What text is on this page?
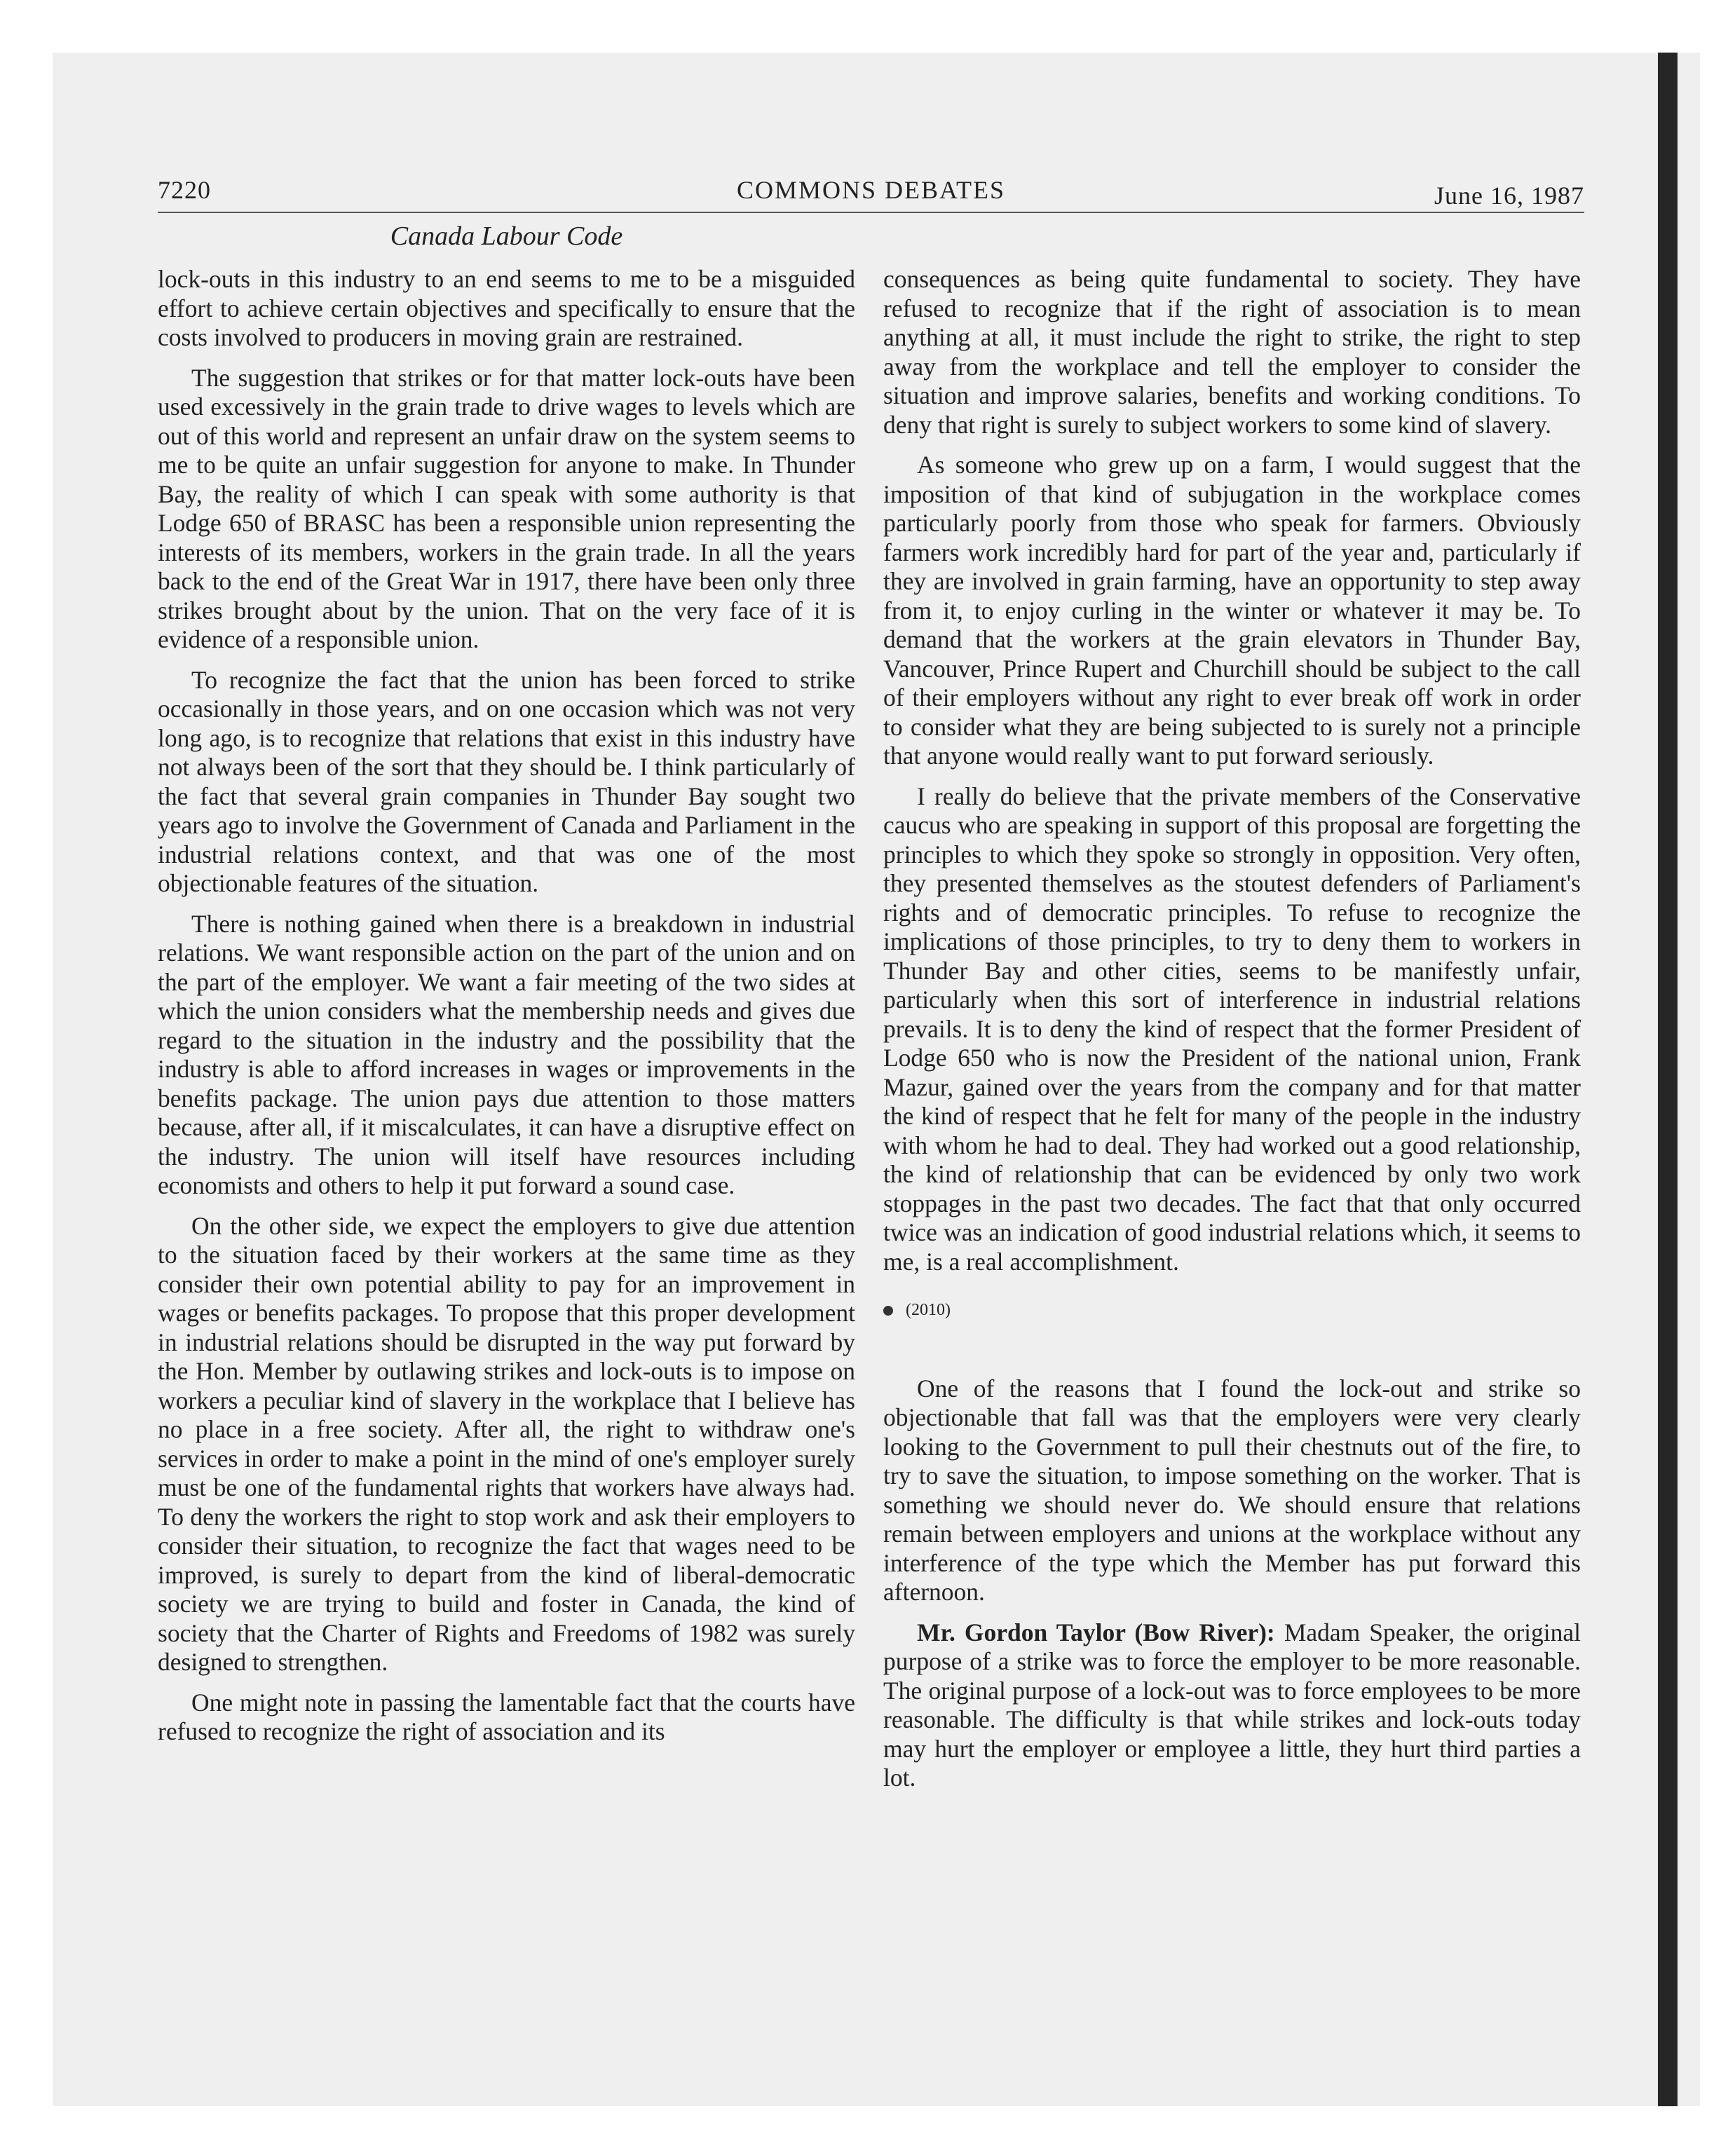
7220	COMMONS DEBATES	June 16, 1987
Canada Labour Code

lock-outs in this industry to an end seems to me to be a misguided effort to achieve certain objectives and specifically to ensure that the costs involved to producers in moving grain are restrained.

The suggestion that strikes or for that matter lock-outs have been used excessively in the grain trade to drive wages to levels which are out of this world and represent an unfair draw on the system seems to me to be quite an unfair suggestion for anyone to make. In Thunder Bay, the reality of which I can speak with some authority is that Lodge 650 of BRASC has been a responsible union representing the interests of its members, workers in the grain trade. In all the years back to the end of the Great War in 1917, there have been only three strikes brought about by the union. That on the very face of it is evidence of a responsible union.

To recognize the fact that the union has been forced to strike occasionally in those years, and on one occasion which was not very long ago, is to recognize that relations that exist in this industry have not always been of the sort that they should be. I think particularly of the fact that several grain companies in Thunder Bay sought two years ago to involve the Government of Canada and Parliament in the industrial relations context, and that was one of the most objectionable features of the situation.

There is nothing gained when there is a breakdown in industrial relations. We want responsible action on the part of the union and on the part of the employer. We want a fair meeting of the two sides at which the union considers what the membership needs and gives due regard to the situation in the industry and the possibility that the industry is able to afford increases in wages or improvements in the benefits package. The union pays due attention to those matters because, after all, if it miscalculates, it can have a disruptive effect on the industry. The union will itself have resources including economists and others to help it put forward a sound case.

On the other side, we expect the employers to give due attention to the situation faced by their workers at the same time as they consider their own potential ability to pay for an improvement in wages or benefits packages. To propose that this proper development in industrial relations should be disrupted in the way put forward by the Hon. Member by outlawing strikes and lock-outs is to impose on workers a peculiar kind of slavery in the workplace that I believe has no place in a free society. After all, the right to withdraw one's services in order to make a point in the mind of one's employer surely must be one of the fundamental rights that workers have always had. To deny the workers the right to stop work and ask their employers to consider their situation, to recognize the fact that wages need to be improved, is surely to depart from the kind of liberal-democratic society we are trying to build and foster in Canada, the kind of society that the Charter of Rights and Freedoms of 1982 was surely designed to strengthen.

One might note in passing the lamentable fact that the courts have refused to recognize the right of association and its

consequences as being quite fundamental to society. They have refused to recognize that if the right of association is to mean anything at all, it must include the right to strike, the right to step away from the workplace and tell the employer to consider the situation and improve salaries, benefits and working conditions. To deny that right is surely to subject workers to some kind of slavery.

As someone who grew up on a farm, I would suggest that the imposition of that kind of subjugation in the workplace comes particularly poorly from those who speak for farmers. Obviously farmers work incredibly hard for part of the year and, particularly if they are involved in grain farming, have an opportunity to step away from it, to enjoy curling in the winter or whatever it may be. To demand that the workers at the grain elevators in Thunder Bay, Vancouver, Prince Rupert and Churchill should be subject to the call of their employers without any right to ever break off work in order to consider what they are being subjected to is surely not a principle that anyone would really want to put forward seriously.

I really do believe that the private members of the Conservative caucus who are speaking in support of this proposal are forgetting the principles to which they spoke so strongly in opposition. Very often, they presented themselves as the stoutest defenders of Parliament's rights and of democratic principles. To refuse to recognize the implications of those principles, to try to deny them to workers in Thunder Bay and other cities, seems to be manifestly unfair, particularly when this sort of interference in industrial relations prevails. It is to deny the kind of respect that the former President of Lodge 650 who is now the President of the national union, Frank Mazur, gained over the years from the company and for that matter the kind of respect that he felt for many of the people in the industry with whom he had to deal. They had worked out a good relationship, the kind of relationship that can be evidenced by only two work stoppages in the past two decades. The fact that that only occurred twice was an indication of good industrial relations which, it seems to me, is a real accomplishment.

(2010)

One of the reasons that I found the lock-out and strike so objectionable that fall was that the employers were very clearly looking to the Government to pull their chestnuts out of the fire, to try to save the situation, to impose something on the worker. That is something we should never do. We should ensure that relations remain between employers and unions at the workplace without any interference of the type which the Member has put forward this afternoon.

Mr. Gordon Taylor (Bow River): Madam Speaker, the original purpose of a strike was to force the employer to be more reasonable. The original purpose of a lock-out was to force employees to be more reasonable. The difficulty is that while strikes and lock-outs today may hurt the employer or employee a little, they hurt third parties a lot.
